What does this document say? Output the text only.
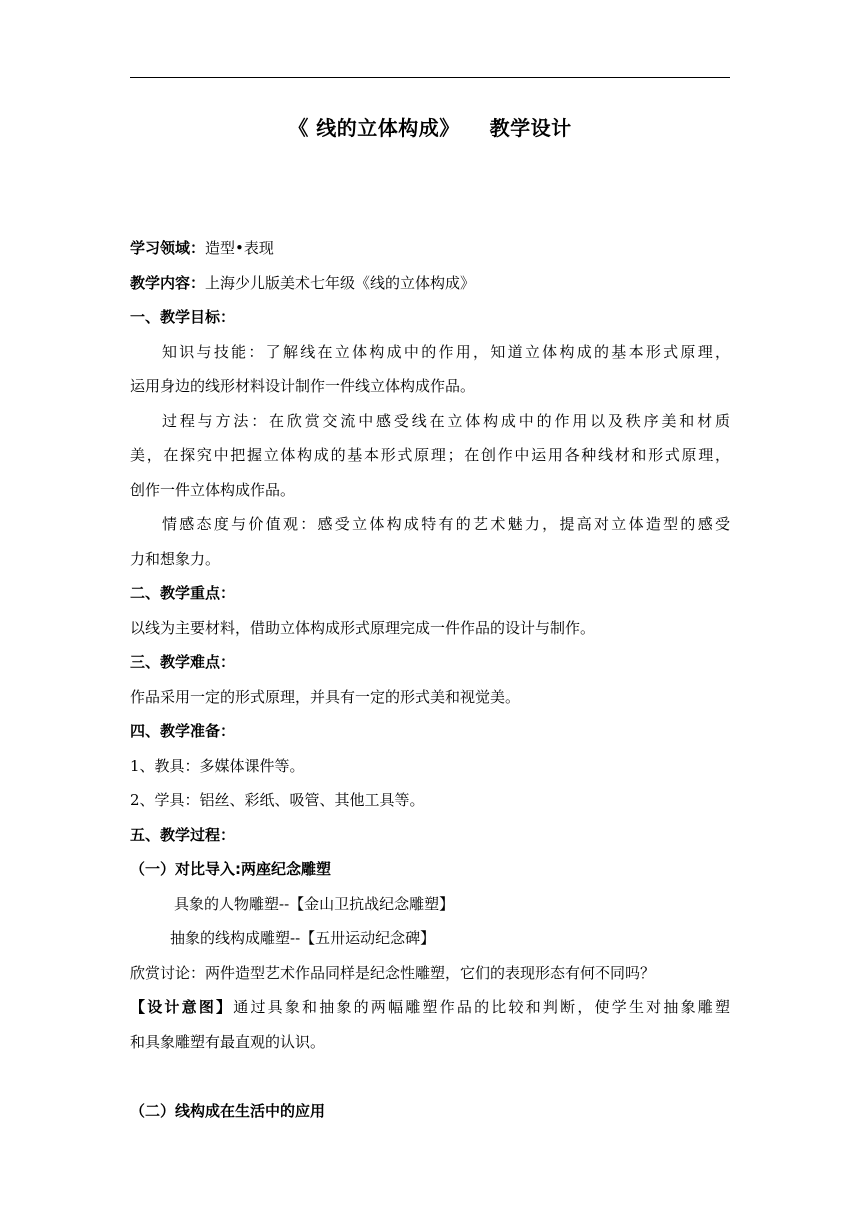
《 线的立体构成》    教学设计
学习领域：造型•表现
教学内容：上海少儿版美术七年级《线的立体构成》
一、教学目标：
知识与技能：了解线在立体构成中的作用，知道立体构成的基本形式原理，
运用身边的线形材料设计制作一件线立体构成作品。
过程与方法：在欣赏交流中感受线在立体构成中的作用以及秩序美和材质
美，在探究中把握立体构成的基本形式原理；在创作中运用各种线材和形式原理，
创作一件立体构成作品。
情感态度与价值观：感受立体构成特有的艺术魅力，提高对立体造型的感受
力和想象力。
二、教学重点：
以线为主要材料，借助立体构成形式原理完成一件作品的设计与制作。
三、教学难点：
作品采用一定的形式原理，并具有一定的形式美和视觉美。
四、教学准备：
1、教具：多媒体课件等。
2、学具：铝丝、彩纸、吸管、其他工具等。
五、教学过程：
（一）对比导入:两座纪念雕塑
具象的人物雕塑--【金山卫抗战纪念雕塑】
抽象的线构成雕塑--【五卅运动纪念碑】
欣赏讨论：两件造型艺术作品同样是纪念性雕塑，它们的表现形态有何不同吗？
【设计意图】通过具象和抽象的两幅雕塑作品的比较和判断，使学生对抽象雕塑
和具象雕塑有最直观的认识。
（二）线构成在生活中的应用
